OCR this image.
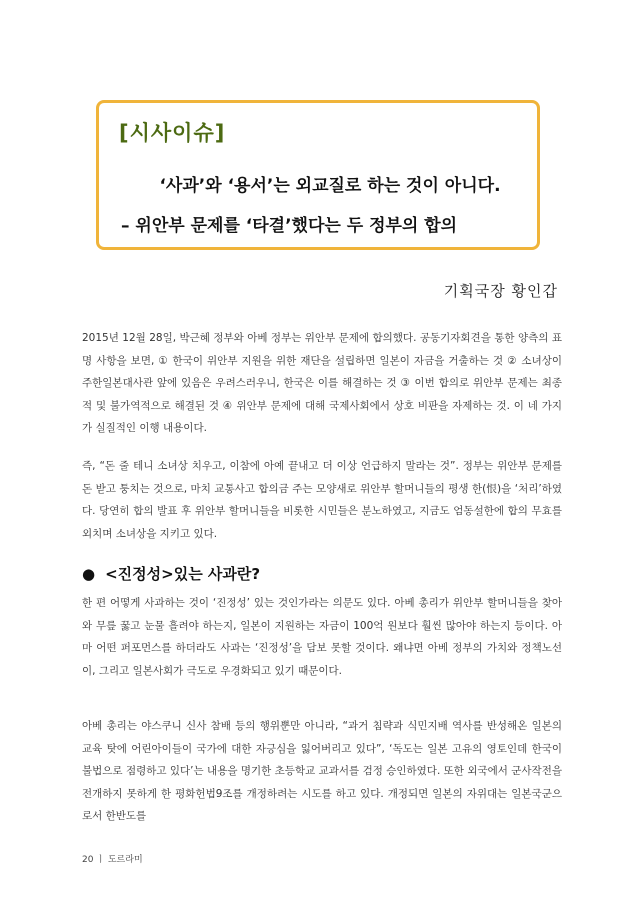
[시사이슈]
‘사과’와 ‘용서’는 외교질로 하는 것이 아니다.
– 위안부 문제를 ‘타결’했다는 두 정부의 합의
기획국장 황인갑

2015년 12월 28일, 박근혜 정부와 아베 정부는 위안부 문제에 합의했다. 공동기자회견을 통한 양측의 표명 사항을 보면, ① 한국이 위안부 지원을 위한 재단을 설립하면 일본이 자금을 거출하는 것 ② 소녀상이 주한일본대사관 앞에 있음은 우려스러우니, 한국은 이를 해결하는 것 ③ 이번 합의로 위안부 문제는 최종적 및 불가역적으로 해결된 것 ④ 위안부 문제에 대해 국제사회에서 상호 비판을 자제하는 것. 이 네 가지가 실질적인 이행 내용이다.

즉, “돈 줄 테니 소녀상 치우고, 이참에 아예 끝내고 더 이상 언급하지 말라는 것”. 정부는 위안부 문제를 돈 받고 퉁치는 것으로, 마치 교통사고 합의금 주는 모양새로 위안부 할머니들의 평생 한(恨)을 ‘처리’하였다. 당연히 합의 발표 후 위안부 할머니들을 비롯한 시민들은 분노하였고, 지금도 엄동설한에 합의 무효를 외치며 소녀상을 지키고 있다.

● <진정성>있는 사과란?

한 편 어떻게 사과하는 것이 ‘진정성’ 있는 것인가라는 의문도 있다. 아베 총리가 위안부 할머니들을 찾아와 무릎 꿇고 눈물 흘려야 하는지, 일본이 지원하는 자금이 100억 원보다 훨씬 많아야 하는지 등이다. 아마 어떤 퍼포먼스를 하더라도 사과는 ‘진정성’을 담보 못할 것이다. 왜냐면 아베 정부의 가치와 정책노선이, 그리고 일본사회가 극도로 우경화되고 있기 때문이다.

아베 총리는 야스쿠니 신사 참배 등의 행위뿐만 아니라, “과거 침략과 식민지배 역사를 반성해온 일본의 교육 탓에 어린아이들이 국가에 대한 자긍심을 잃어버리고 있다”, ‘독도는 일본 고유의 영토인데 한국이 불법으로 점령하고 있다’는 내용을 명기한 초등학교 교과서를 검정 승인하였다. 또한 외국에서 군사작전을 전개하지 못하게 한 평화헌법9조를 개정하려는 시도를 하고 있다. 개정되면 일본의 자위대는 일본국군으로서 한반도를

20 ㅣ 도르라미
